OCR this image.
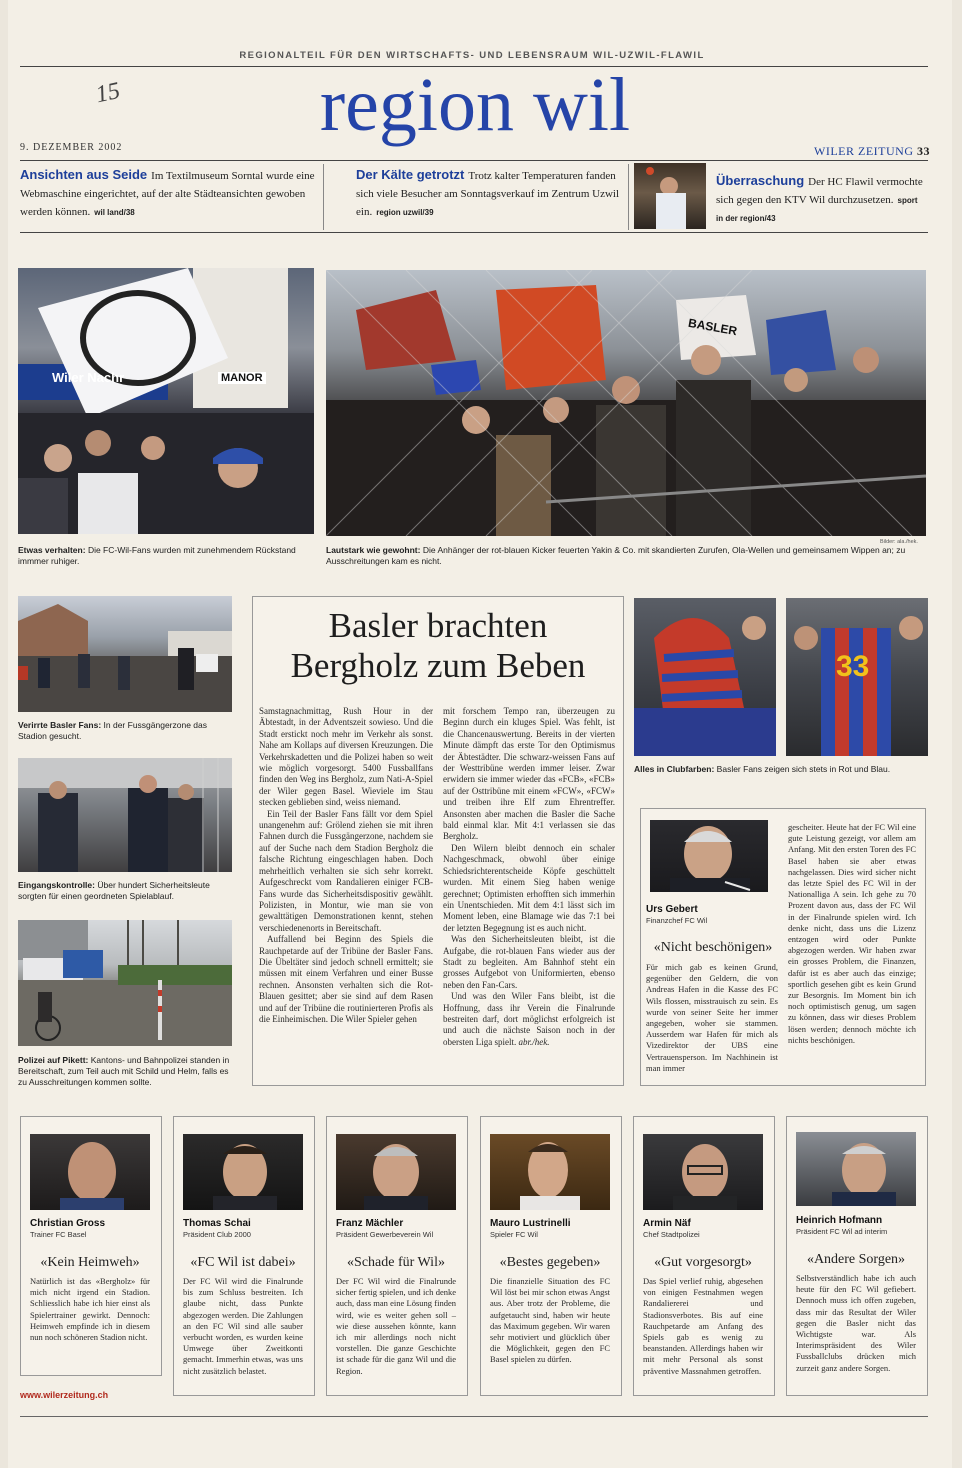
REGIONALTEIL FÜR DEN WIRTSCHAFTS- UND LEBENSRAUM WIL-UZWIL-FLAWIL
15	region wil
9. DEZEMBER 2002	WILER ZEITUNG 33
Ansichten aus Seide Im Textilmuseum Sorntal wurde eine Webmaschine eingerichtet, auf der alte Städteansichten gewoben werden können. wil land/38
Der Kälte getrotzt Trotz kalter Temperaturen fanden sich viele Besucher am Sonntagsverkauf im Zentrum Uzwil ein. region uzwil/39
Überraschung Der HC Flawil vermochte sich gegen den KTV Wil durchzusetzen. sport in der region/43
Wiler Nachr	MANOR
BASLER
Bilder: ala./hek.
Etwas verhalten: Die FC-Wil-Fans wurden mit zunehmendem Rückstand immmer ruhiger.
Lautstark wie gewohnt: Die Anhänger der rot-blauen Kicker feuerten Yakin & Co. mit skandierten Zurufen, Ola-Wellen und gemeinsamem Wippen an; zu Ausschreitungen kam es nicht.
Verirrte Basler Fans: In der Fussgängerzone das Stadion gesucht.
Eingangskontrolle: Über hundert Sicherheitsleute sorgten für einen geordneten Spielablauf.
Polizei auf Pikett: Kantons- und Bahnpolizei standen in Bereitschaft, zum Teil auch mit Schild und Helm, falls es zu Ausschreitungen kommen sollte.
Basler brachten
Bergholz zum Beben

Samstagnachmittag, Rush Hour in der Äbtestadt, in der Adventszeit sowieso. Und die Stadt erstickt noch mehr im Verkehr als sonst. Nahe am Kollaps auf diversen Kreuzungen. Die Verkehrskadetten und die Polizei haben so weit wie möglich vorgesorgt. 5400 Fussballfans finden den Weg ins Bergholz, zum Nati-A-Spiel der Wiler gegen Basel. Wieviele im Stau stecken geblieben sind, weiss niemand.

Ein Teil der Basler Fans fällt vor dem Spiel unangenehm auf: Grölend ziehen sie mit ihren Fahnen durch die Fussgängerzone, nachdem sie auf der Suche nach dem Stadion Bergholz die falsche Richtung eingeschlagen haben. Doch mehrheitlich verhalten sie sich sehr korrekt. Aufgeschreckt vom Randalieren einiger FCB-Fans wurde das Sicherheitsdispositiv gewählt. Polizisten, in Montur, wie man sie von gewalttätigen Demonstrationen kennt, stehen verschiedenenorts in Bereitschaft.

Auffallend bei Beginn des Spiels die Rauchpetarde auf der Tribüne der Basler Fans. Die Übeltäter sind jedoch schnell ermittelt; sie müssen mit einem Verfahren und einer Busse rechnen. Ansonsten verhalten sich die Rot-Blauen gesittet; aber sie sind auf dem Rasen und auf der Tribüne die routinierteren Profis als die Einheimischen. Die Wiler Spieler gehen

mit forschem Tempo ran, überzeugen zu Beginn durch ein kluges Spiel. Was fehlt, ist die Chancenauswertung. Bereits in der vierten Minute dämpft das erste Tor den Optimismus der Äbtestädter. Die schwarz-weissen Fans auf der Westtribüne werden immer leiser. Zwar erwidern sie immer wieder das «FCB», «FCB» auf der Osttribüne mit einem «FCW», «FCW» und treiben ihre Elf zum Ehrentreffer. Ansonsten aber machen die Basler die Sache bald einmal klar. Mit 4:1 verlassen sie das Bergholz.

Den Wilern bleibt dennoch ein schaler Nachgeschmack, obwohl über einige Schiedsrichterentscheide Köpfe geschüttelt wurden. Mit einem Sieg haben wenige gerechnet; Optimisten erhofften sich immerhin ein Unentschieden. Mit dem 4:1 lässt sich im Moment leben, eine Blamage wie das 7:1 bei der letzten Begegnung ist es auch nicht.

Was den Sicherheitsleuten bleibt, ist die Aufgabe, die rot-blauen Fans wieder aus der Stadt zu begleiten. Am Bahnhof steht ein grosses Aufgebot von Uniformierten, ebenso neben den Fan-Cars.

Und was den Wiler Fans bleibt, ist die Hoffnung, dass ihr Verein die Finalrunde bestreiten darf, dort möglichst erfolgreich ist und auch die nächste Saison noch in der obersten Liga spielt. abr./hek.

33
Alles in Clubfarben: Basler Fans zeigen sich stets in Rot und Blau.
Urs Gebert
Finanzchef FC Wil
«Nicht beschönigen»
Für mich gab es keinen Grund, gegenüber den Geldern, die von Andreas Hafen in die Kasse des FC Wils flossen, misstrauisch zu sein. Es wurde von seiner Seite her immer angegeben, woher sie stammen. Ausserdem war Hafen für mich als Vizedirektor der UBS eine Vertrauensperson. Im Nachhinein ist man immer
gescheiter. Heute hat der FC Wil eine gute Leistung gezeigt, vor allem am Anfang. Mit den ersten Toren des FC Basel haben sie aber etwas nachgelassen. Dies wird sicher nicht das letzte Spiel des FC Wil in der Nationalliga A sein. Ich gehe zu 70 Prozent davon aus, dass der FC Wil in der Finalrunde spielen wird. Ich denke nicht, dass uns die Lizenz entzogen wird oder Punkte abgezogen werden. Wir haben zwar ein grosses Problem, die Finanzen, dafür ist es aber auch das einzige; sportlich gesehen gibt es kein Grund zur Besorgnis. Im Moment bin ich noch optimistisch genug, um sagen zu können, dass wir dieses Problem lösen werden; dennoch möchte ich nichts beschönigen.
Christian Gross
Trainer FC Basel
«Kein Heimweh»
Natürlich ist das «Bergholz» für mich nicht irgend ein Stadion. Schliesslich habe ich hier einst als Spielertrainer gewirkt. Dennoch: Heimweh empfinde ich in diesem nun noch schöneren Stadion nicht.
Thomas Schai
Präsident Club 2000
«FC Wil ist dabei»
Der FC Wil wird die Finalrunde bis zum Schluss bestreiten. Ich glaube nicht, dass Punkte abgezogen werden. Die Zahlungen an den FC Wil sind alle sauber verbucht worden, es wurden keine Umwege über Zweitkonti gemacht. Immerhin etwas, was uns nicht zusätzlich belastet.
Franz Mächler
Präsident Gewerbeverein Wil
«Schade für Wil»
Der FC Wil wird die Finalrunde sicher fertig spielen, und ich denke auch, dass man eine Lösung finden wird, wie es weiter gehen soll – wie diese aussehen könnte, kann ich mir allerdings noch nicht vorstellen. Die ganze Geschichte ist schade für die ganz Wil und die Region.
Mauro Lustrinelli
Spieler FC Wil
«Bestes gegeben»
Die finanzielle Situation des FC Wil löst bei mir schon etwas Angst aus. Aber trotz der Probleme, die aufgetaucht sind, haben wir heute das Maximum gegeben. Wir waren sehr motiviert und glücklich über die Möglichkeit, gegen den FC Basel spielen zu dürfen.
Armin Näf
Chef Stadtpolizei
«Gut vorgesorgt»
Das Spiel verlief ruhig, abgesehen von einigen Festnahmen wegen Randaliererei und Stadionsverbotes. Bis auf eine Rauchpetarde am Anfang des Spiels gab es wenig zu beanstanden. Allerdings haben wir mit mehr Personal als sonst präventive Massnahmen getroffen.
Heinrich Hofmann
Präsident FC Wil ad interim
«Andere Sorgen»
Selbstverständlich habe ich auch heute für den FC Wil gefiebert. Dennoch muss ich offen zugeben, dass mir das Resultat der Wiler gegen die Basler nicht das Wichtigste war. Als Interimspräsident des Wiler Fussballclubs drücken mich zurzeit ganz andere Sorgen.
www.wilerzeitung.ch
